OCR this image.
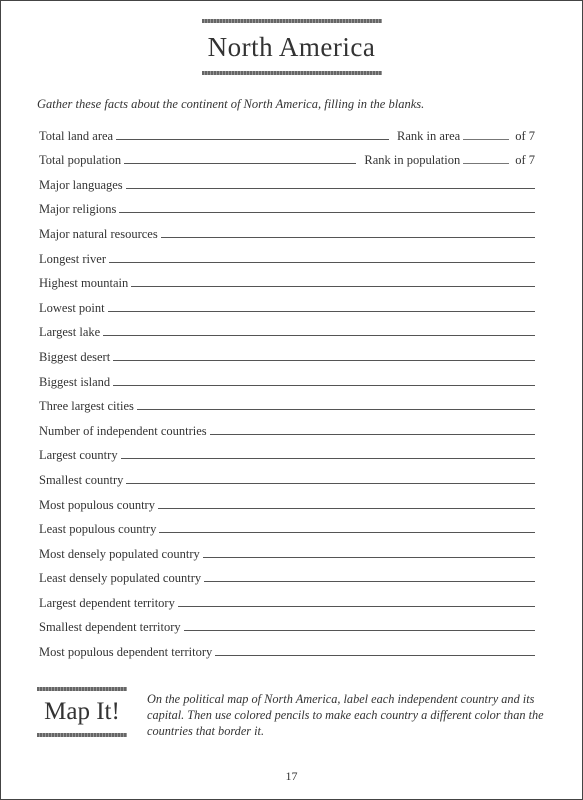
North America
Gather these facts about the continent of North America, filling in the blanks.
Total land area	Rank in area	of 7
Total population	Rank in population	of 7
Major languages
Major religions
Major natural resources
Longest river
Highest mountain
Lowest point
Largest lake
Biggest desert
Biggest island
Three largest cities
Number of independent countries
Largest country
Smallest country
Most populous country
Least populous country
Most densely populated country
Least densely populated country
Largest dependent territory
Smallest dependent territory
Most populous dependent territory
Map It!	On the political map of North America, label each independent country and its capital. Then use colored pencils to make each country a different color than the countries that border it.
17
